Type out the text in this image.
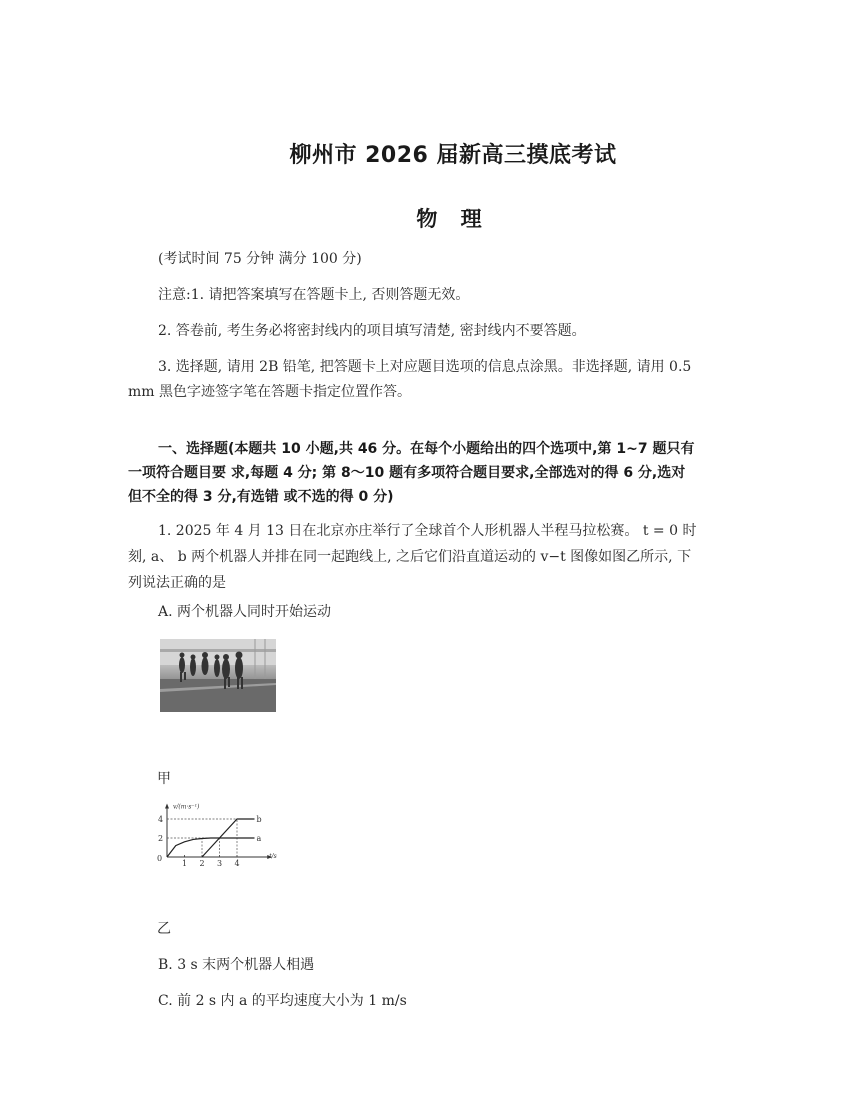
柳州市 2026 届新高三摸底考试
物 理
(考试时间 75 分钟 满分 100 分)
注意:1. 请把答案填写在答题卡上, 否则答题无效。
2. 答卷前, 考生务必将密封线内的项目填写清楚, 密封线内不要答题。
3. 选择题, 请用 2B 铅笔, 把答题卡上对应题目选项的信息点涂黑。非选择题, 请用 0.5
mm 黑色字迹签字笔在答题卡指定位置作答。
一、选择题(本题共 10 小题,共 46 分。在每个小题给出的四个选项中,第 1~7 题只有
一项符合题目要 求,每题 4 分; 第 8～10 题有多项符合题目要求,全部选对的得 6 分,选对
但不全的得 3 分,有选错 或不选的得 0 分)
1. 2025 年 4 月 13 日在北京亦庄举行了全球首个人形机器人半程马拉松赛。 t = 0 时
刻, a、 b 两个机器人并排在同一起跑线上, 之后它们沿直道运动的 v−t 图像如图乙所示, 下
列说法正确的是
A. 两个机器人同时开始运动
甲
1 2 3 4
2
4
0
v/(m·s⁻¹)
t/s
a
b
乙
B. 3 s 末两个机器人相遇
C. 前 2 s 内 a 的平均速度大小为 1 m/s
